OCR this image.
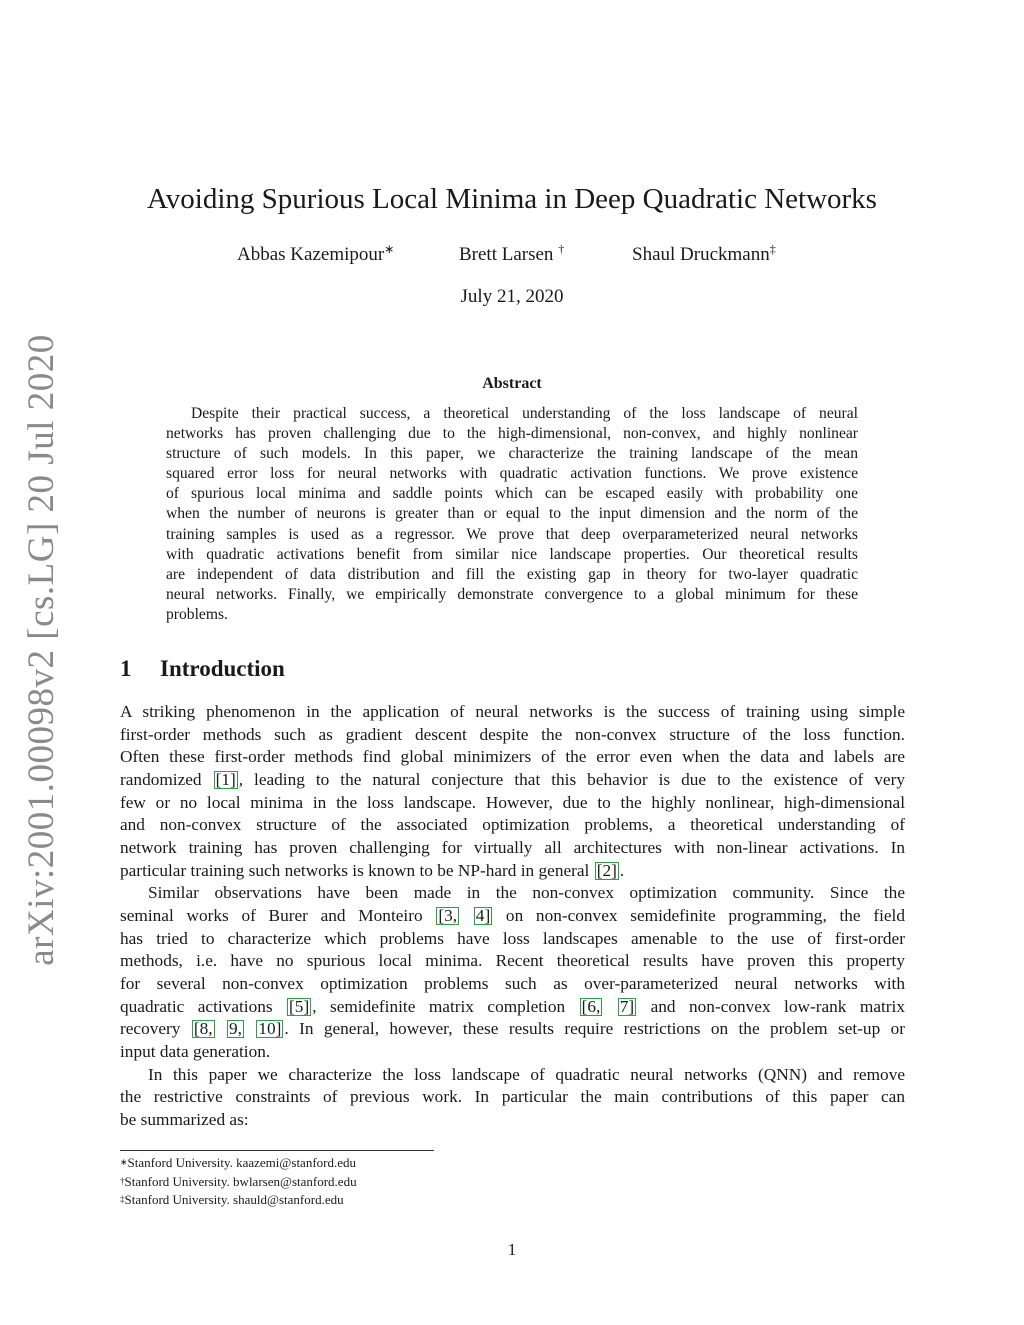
arXiv:2001.00098v2 [cs.LG] 20 Jul 2020
Avoiding Spurious Local Minima in Deep Quadratic Networks
Abbas Kazemipour∗	Brett Larsen †	Shaul Druckmann‡
July 21, 2020
Abstract
Despite their practical success, a theoretical understanding of the loss landscape of neural
networks has proven challenging due to the high-dimensional, non-convex, and highly nonlinear
structure of such models. In this paper, we characterize the training landscape of the mean
squared error loss for neural networks with quadratic activation functions. We prove existence
of spurious local minima and saddle points which can be escaped easily with probability one
when the number of neurons is greater than or equal to the input dimension and the norm of the
training samples is used as a regressor. We prove that deep overparameterized neural networks
with quadratic activations benefit from similar nice landscape properties. Our theoretical results
are independent of data distribution and fill the existing gap in theory for two-layer quadratic
neural networks. Finally, we empirically demonstrate convergence to a global minimum for these
problems.
1 Introduction
A striking phenomenon in the application of neural networks is the success of training using simple
first-order methods such as gradient descent despite the non-convex structure of the loss function.
Often these first-order methods find global minimizers of the error even when the data and labels are
randomized [1] , leading to the natural conjecture that this behavior is due to the existence of very
few or no local minima in the loss landscape. However, due to the highly nonlinear, high-dimensional
and non-convex structure of the associated optimization problems, a theoretical understanding of
network training has proven challenging for virtually all architectures with non-linear activations. In
particular training such networks is known to be NP-hard in general [2] .
Similar observations have been made in the non-convex optimization community. Since the
seminal works of Burer and Monteiro [3, 4] on non-convex semidefinite programming, the field
has tried to characterize which problems have loss landscapes amenable to the use of first-order
methods, i.e. have no spurious local minima. Recent theoretical results have proven this property
for several non-convex optimization problems such as over-parameterized neural networks with
quadratic activations [5] , semidefinite matrix completion [6, 7] and non-convex low-rank matrix
recovery [8, 9, 10] . In general, however, these results require restrictions on the problem set-up or
input data generation.
In this paper we characterize the loss landscape of quadratic neural networks (QNN) and remove
the restrictive constraints of previous work. In particular the main contributions of this paper can
be summarized as:
∗Stanford University. kaazemi@stanford.edu
†Stanford University. bwlarsen@stanford.edu
‡Stanford University. shauld@stanford.edu
1
